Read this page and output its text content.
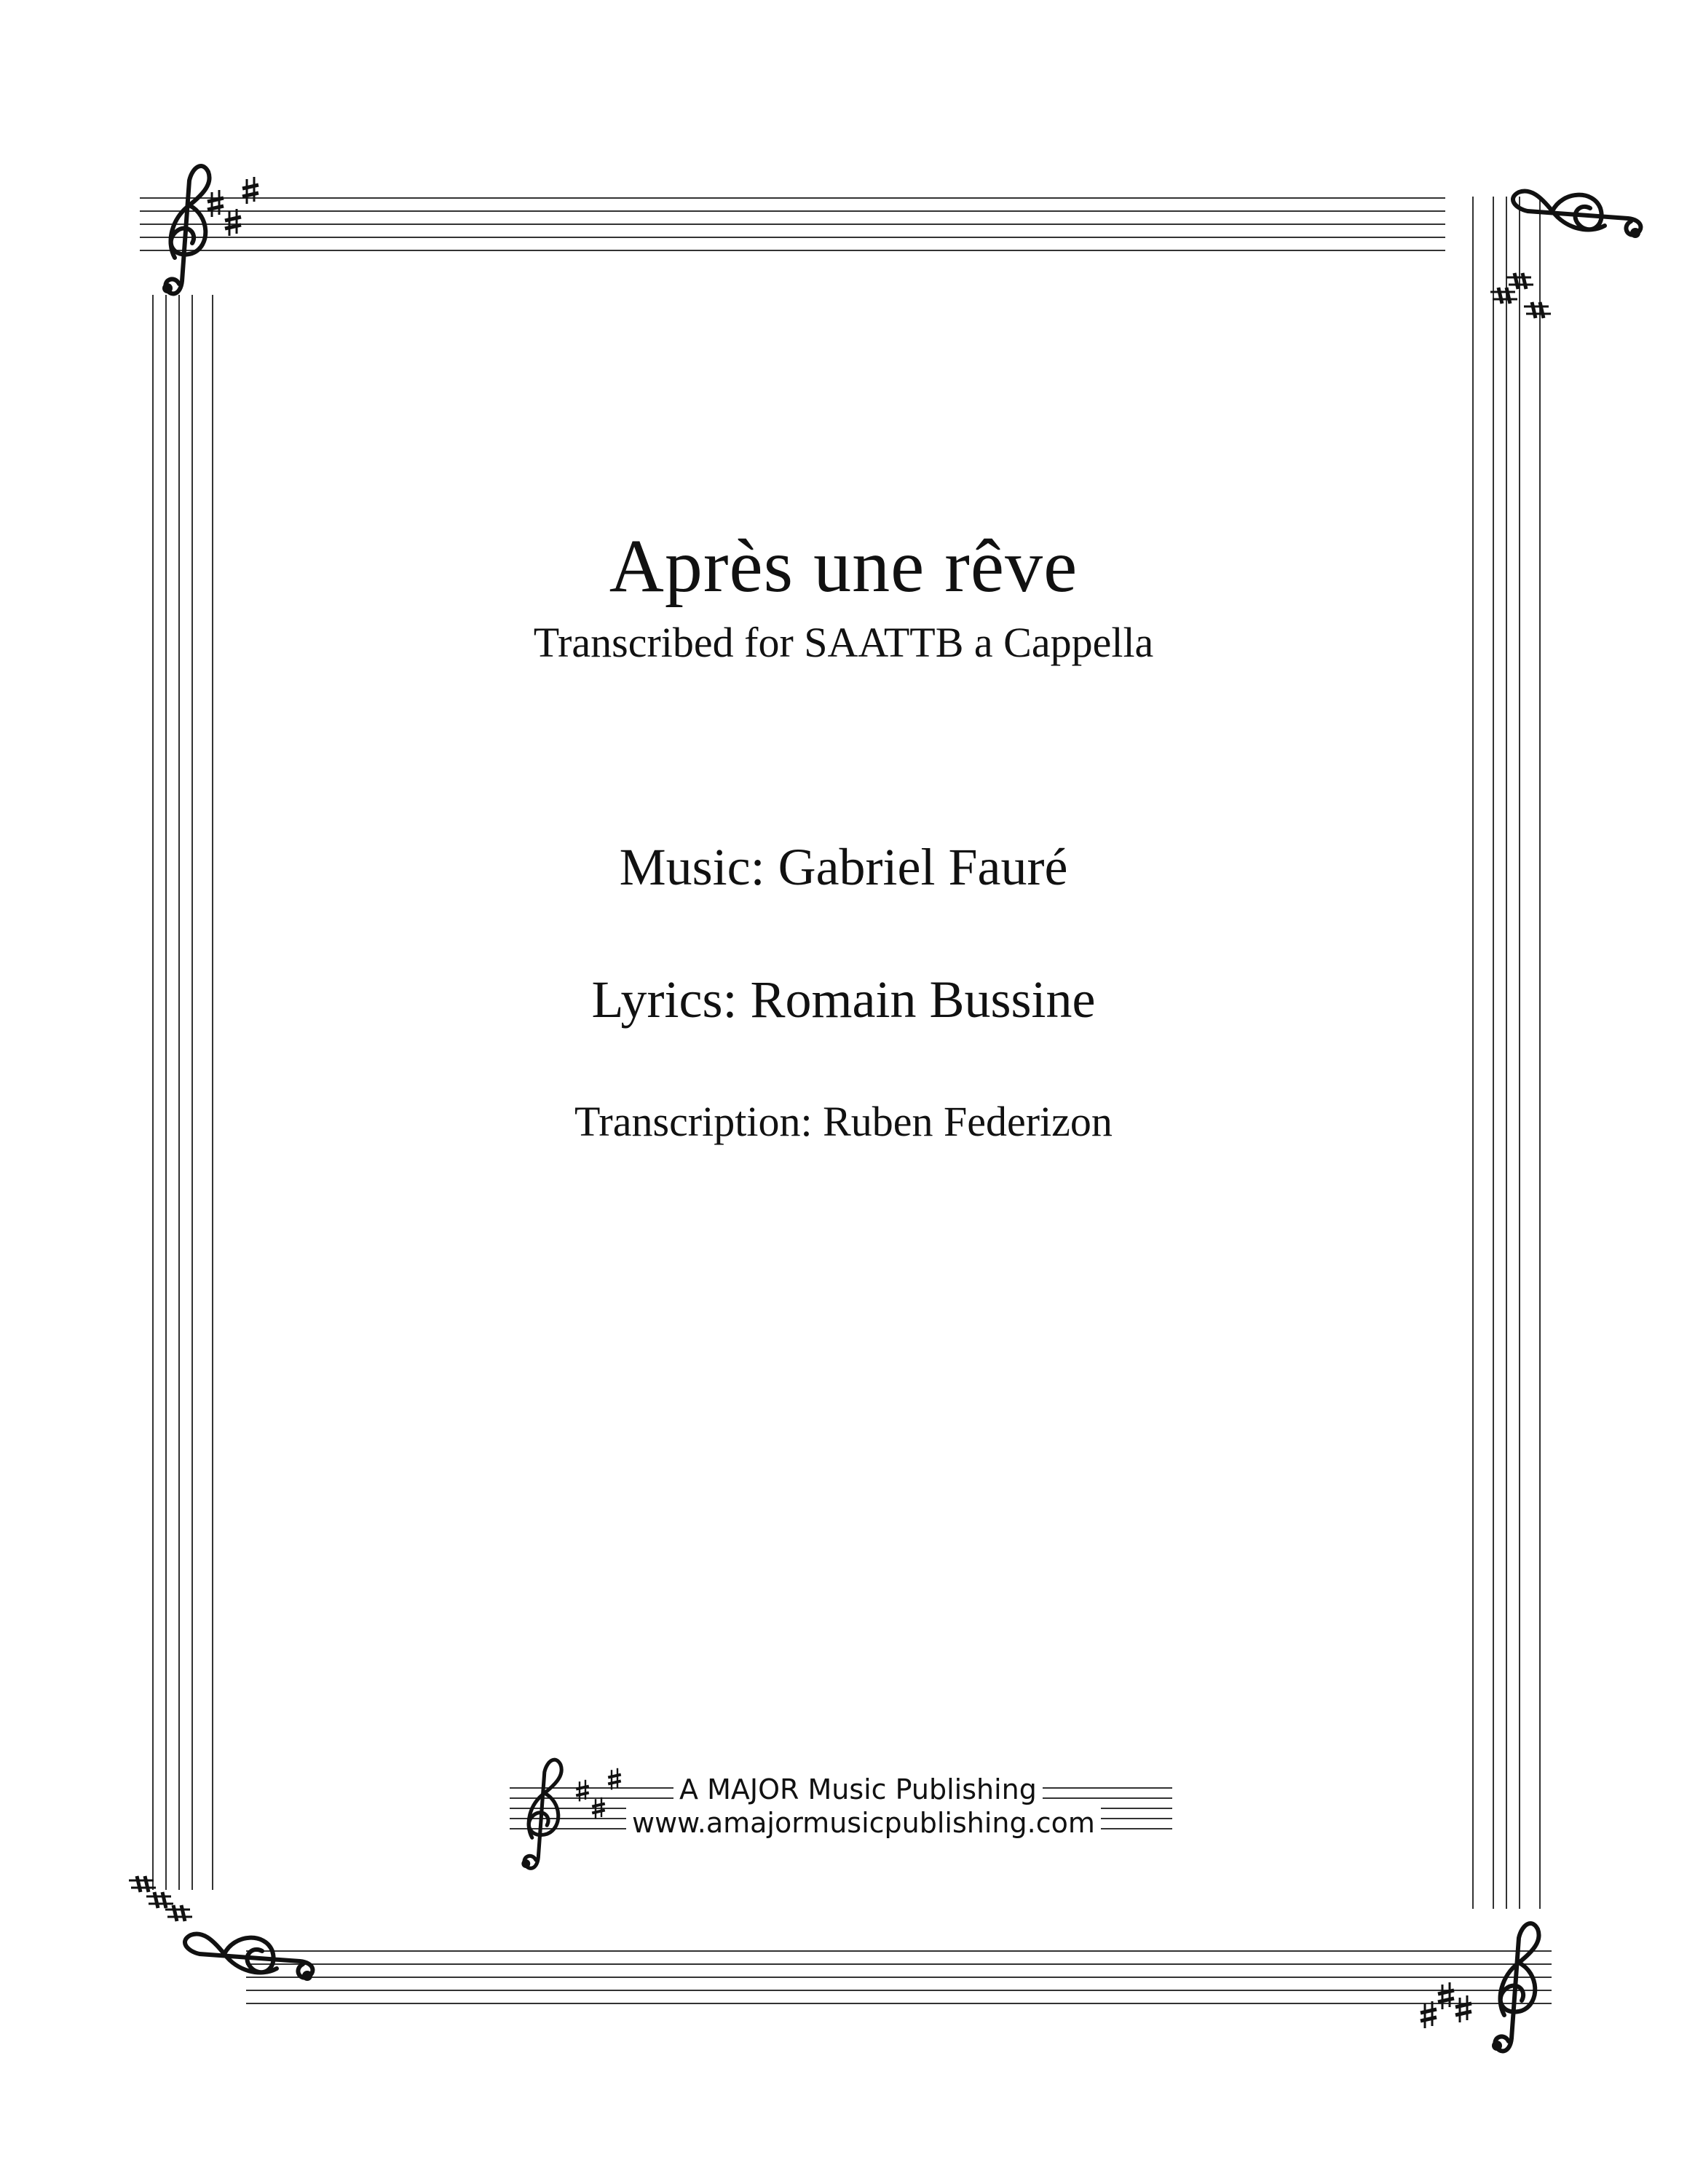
Après une rêve
Transcribed for SAATTB a Cappella
Music: Gabriel Fauré
Lyrics: Romain Bussine
Transcription: Ruben Federizon
A MAJOR Music Publishing
www.amajormusicpublishing.com
